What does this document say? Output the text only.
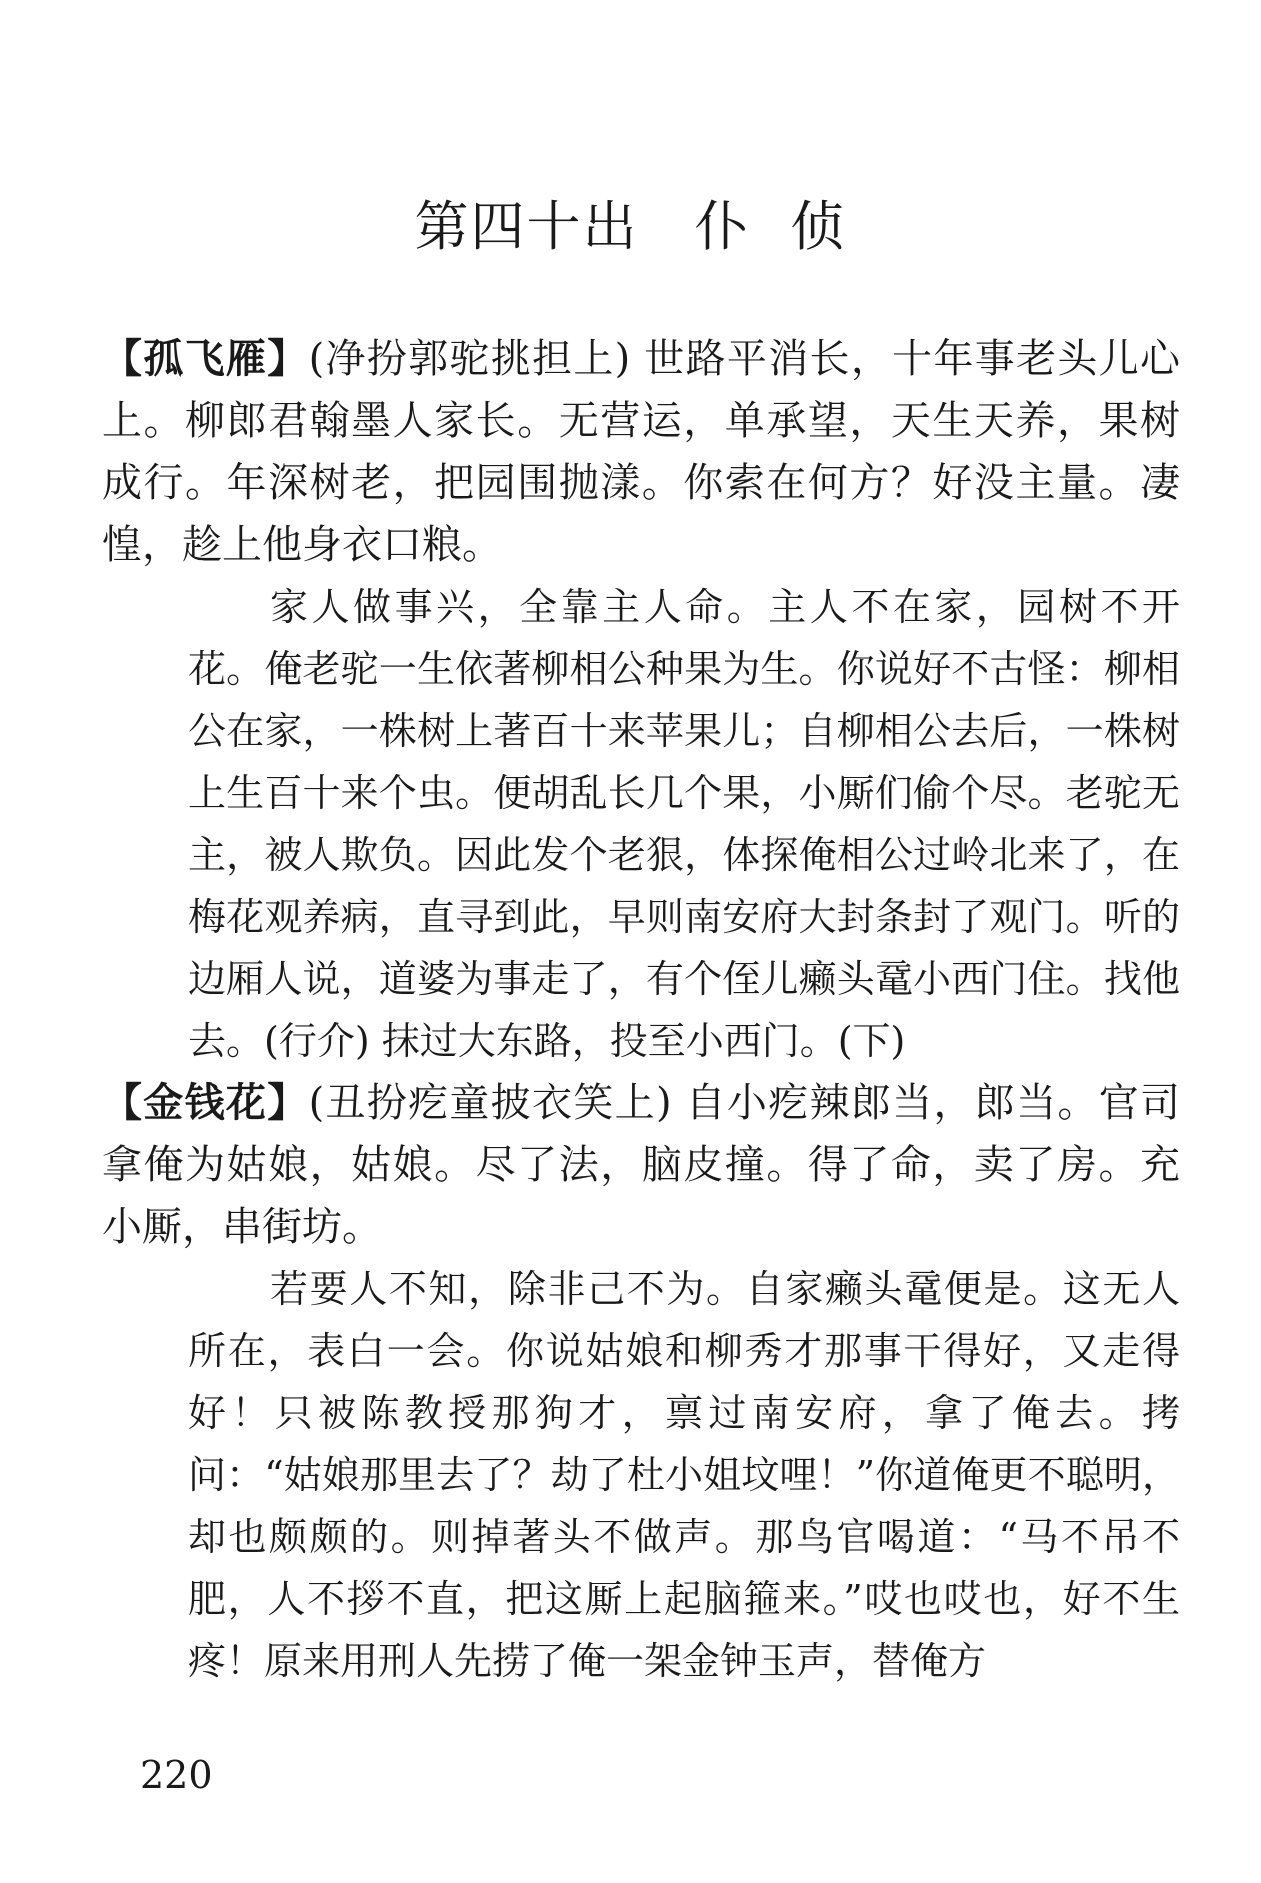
第四十出 仆 侦

【孤飞雁】(净扮郭驼挑担上) 世路平消长，十年事老头儿心上。柳郎君翰墨人家长。无营运，单承望，天生天养，果树成行。年深树老，把园围抛漾。你索在何方？好没主量。凄惶，趁上他身衣口粮。

家人做事兴，全靠主人命。主人不在家，园树不开花。俺老驼一生依著柳相公种果为生。你说好不古怪：柳相公在家，一株树上著百十来苹果儿；自柳相公去后，一株树上生百十来个虫。便胡乱长几个果，小厮们偷个尽。老驼无主，被人欺负。因此发个老狠，体探俺相公过岭北来了，在梅花观养病，直寻到此，早则南安府大封条封了观门。听的边厢人说，道婆为事走了，有个侄儿癞头鼋小西门住。找他去。(行介) 抹过大东路，投至小西门。(下)

【金钱花】(丑扮疙童披衣笑上) 自小疙辣郎当，郎当。官司拿俺为姑娘，姑娘。尽了法，脑皮撞。得了命，卖了房。充小厮，串街坊。

若要人不知，除非己不为。自家癞头鼋便是。这无人所在，表白一会。你说姑娘和柳秀才那事干得好，又走得好！只被陈教授那狗才，禀过南安府，拿了俺去。拷问：“姑娘那里去了？劫了杜小姐坟哩！”你道俺更不聪明，却也颇颇的。则掉著头不做声。那鸟官喝道：“马不吊不肥，人不拶不直，把这厮上起脑箍来。”哎也哎也，好不生疼！原来用刑人先捞了俺一架金钟玉声，替俺方

220
